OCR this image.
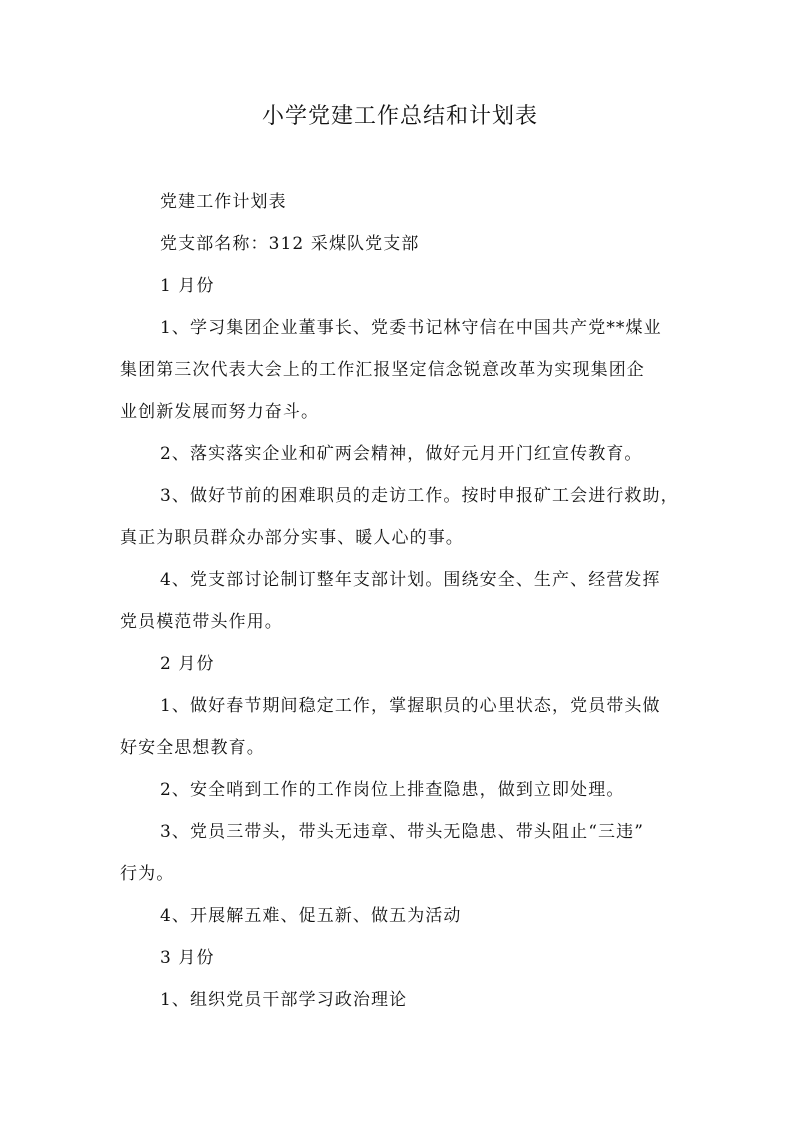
小学党建工作总结和计划表
党建工作计划表
党支部名称：312 采煤队党支部
1 月份
1、学习集团企业董事长、党委书记林守信在中国共产党**煤业
集团第三次代表大会上的工作汇报坚定信念锐意改革为实现集团企
业创新发展而努力奋斗。
2、落实落实企业和矿两会精神，做好元月开门红宣传教育。
3、做好节前的困难职员的走访工作。按时申报矿工会进行救助，
真正为职员群众办部分实事、暖人心的事。
4、党支部讨论制订整年支部计划。围绕安全、生产、经营发挥
党员模范带头作用。
2 月份
1、做好春节期间稳定工作，掌握职员的心里状态，党员带头做
好安全思想教育。
2、安全哨到工作的工作岗位上排查隐患，做到立即处理。
3、党员三带头，带头无违章、带头无隐患、带头阻止“三违”
行为。
4、开展解五难、促五新、做五为活动
3 月份
1、组织党员干部学习政治理论
